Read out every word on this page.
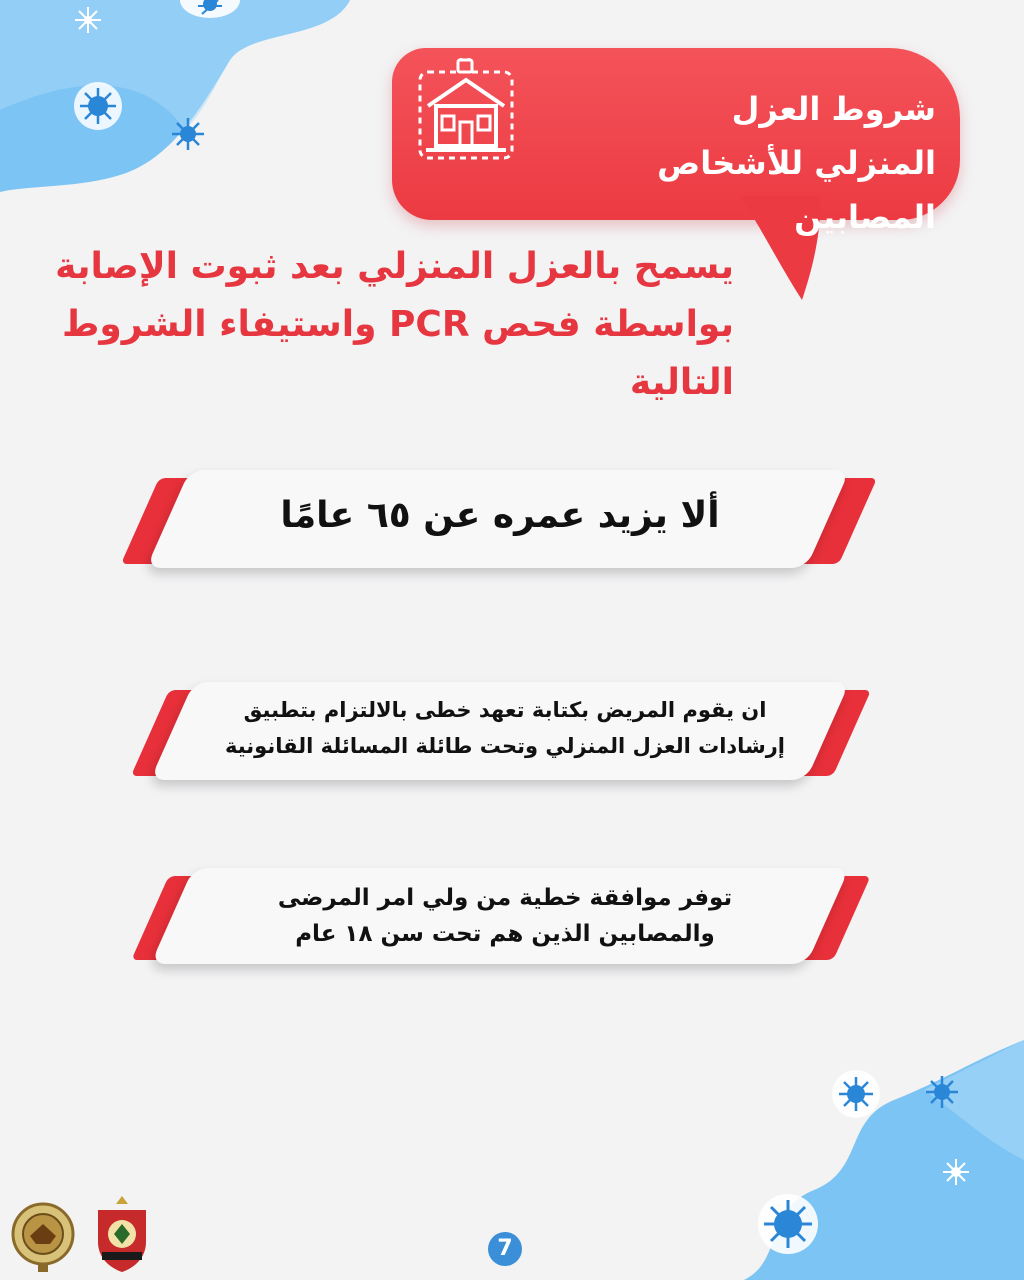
شروط العزل
المنزلي للأشخاص المصابين
يسمح بالعزل المنزلي بعد ثبوت الإصابة
بواسطة فحص PCR واستيفاء الشروط التالية
ألا يزيد عمره عن ٦٥ عامًا
ان يقوم المريض بكتابة تعهد خطى بالالتزام بتطبيق
إرشادات العزل المنزلي وتحت طائلة المسائلة القانونية
توفر موافقة خطية من ولي امر المرضى
والمصابين الذين هم تحت سن ١٨ عام
7
